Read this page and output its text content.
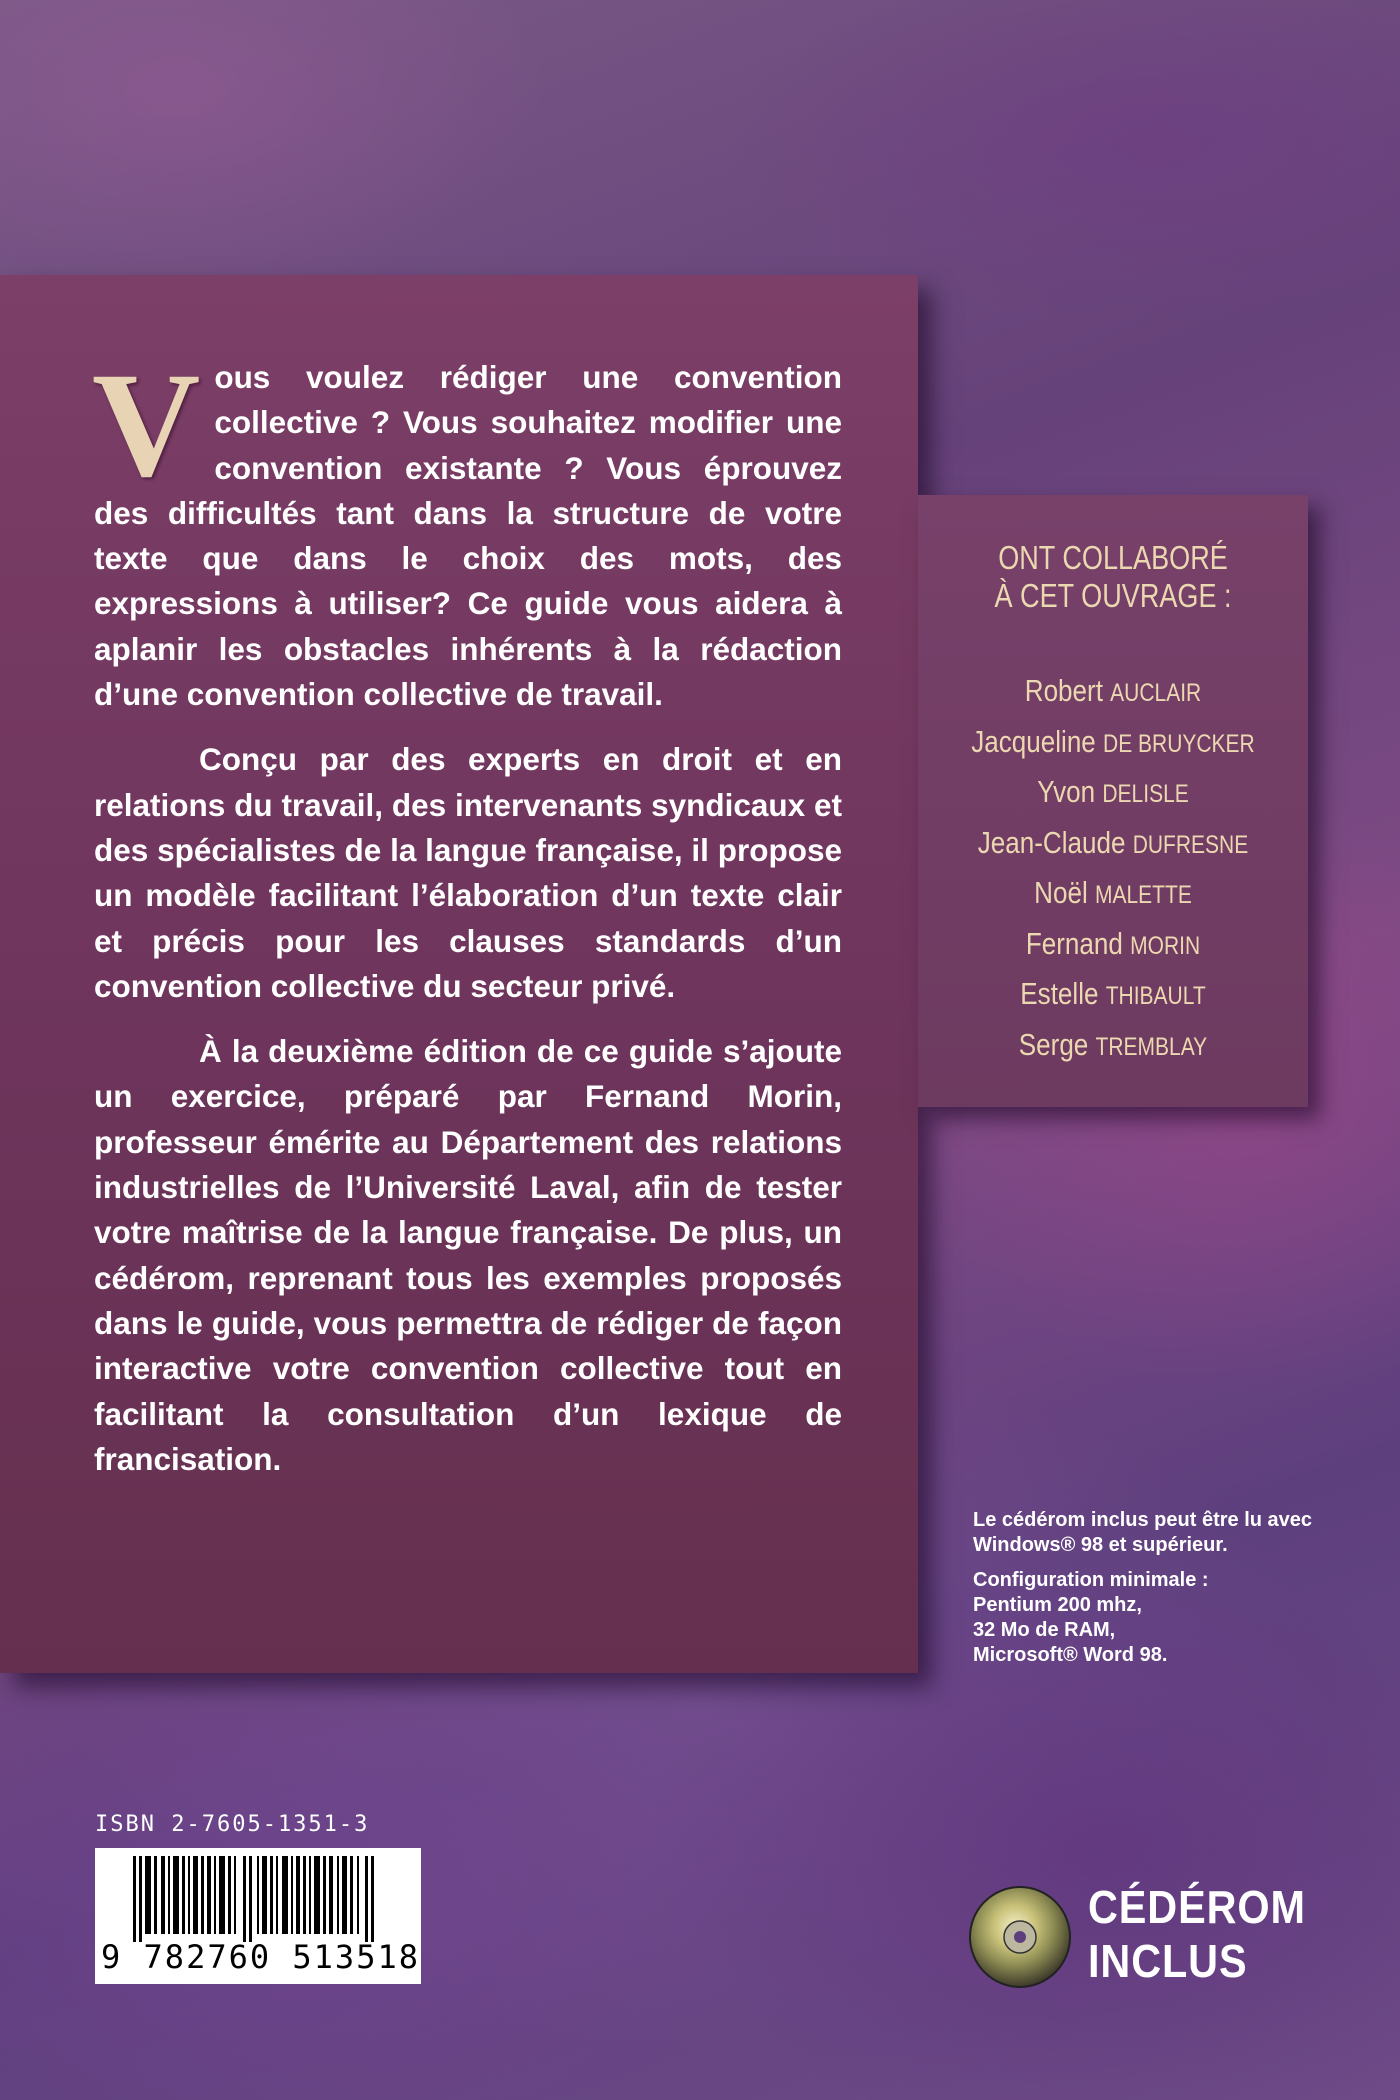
Vous voulez rédiger une convention collective ? Vous souhaitez modifier une convention existante ? Vous éprouvez des difficultés tant dans la structure de votre texte que dans le choix des mots, des expressions à utiliser? Ce guide vous aidera à aplanir les obstacles inhérents à la rédaction d’une convention collective de travail.

Conçu par des experts en droit et en relations du travail, des intervenants syndicaux et des spécialistes de la langue française, il propose un modèle facilitant l’élaboration d’un texte clair et précis pour les clauses standards d’un convention collective du secteur privé.

À la deuxième édition de ce guide s’ajoute un exercice, préparé par Fernand Morin, professeur émérite au Département des relations industrielles de l’Université Laval, afin de tester votre maîtrise de la langue française. De plus, un cédérom, reprenant tous les exemples proposés dans le guide, vous permettra de rédiger de façon interactive votre convention collective tout en facilitant la consultation d’un lexique de francisation.

ONT COLLABORÉ
À CET OUVRAGE :
Robert AUCLAIR
Jacqueline DE BRUYCKER
Yvon DELISLE
Jean-Claude DUFRESNE
Noël MALETTE
Fernand MORIN
Estelle THIBAULT
Serge TREMBLAY

Le cédérom inclus peut être lu avec Windows® 98 et supérieur.

Configuration minimale :
Pentium 200 mhz,
32 Mo de RAM,
Microsoft® Word 98.
ISBN 2-7605-1351-3
9 782760 513518
CÉDÉROM
INCLUS
